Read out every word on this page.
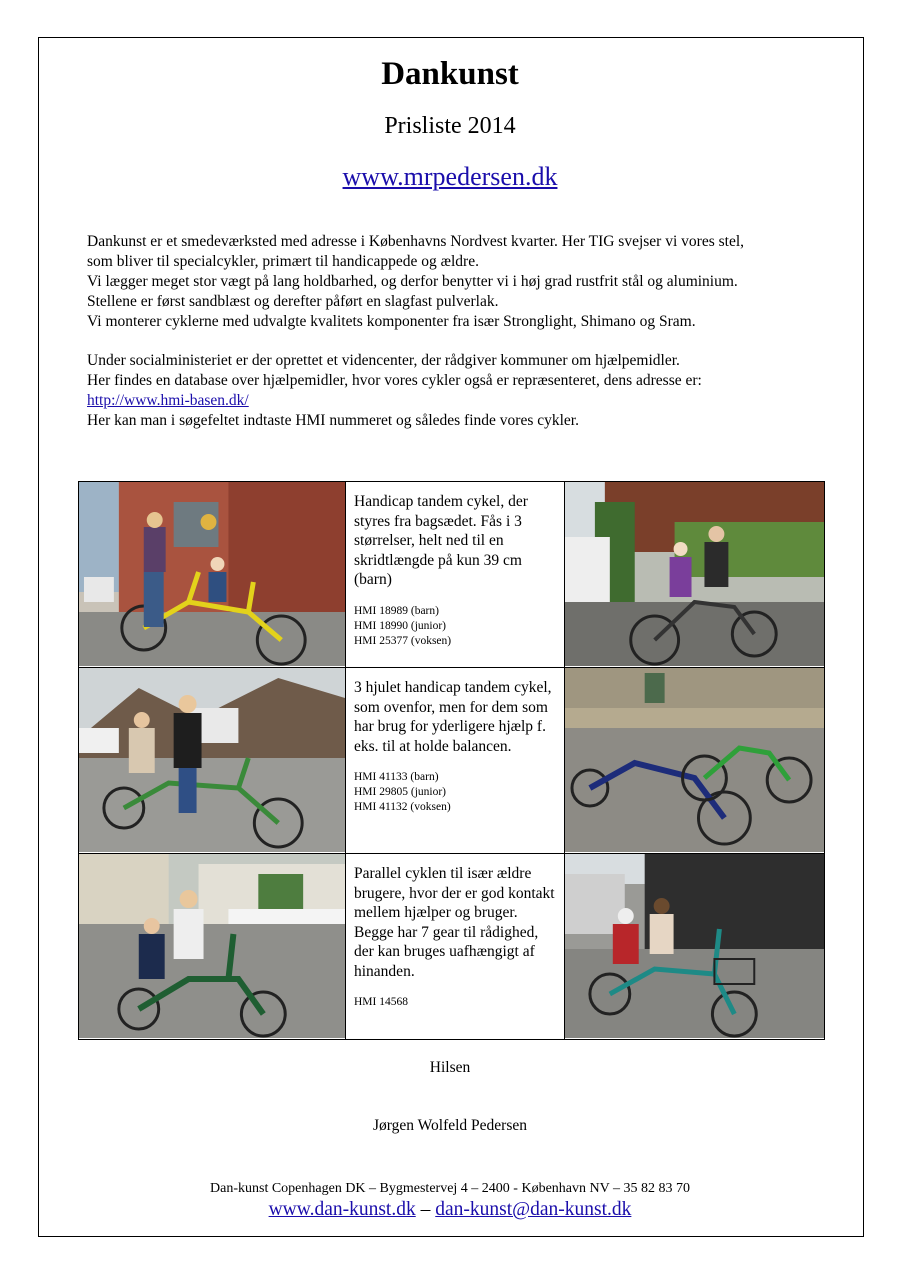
Dankunst
Prisliste 2014
www.mrpedersen.dk

Dankunst er et smedeværksted med adresse i Københavns Nordvest kvarter. Her TIG svejser vi vores stel,

som bliver til specialcykler, primært til handicappede og ældre.

Vi lægger meget stor vægt på lang holdbarhed, og derfor benytter vi i høj grad rustfrit stål og aluminium.

Stellene er først sandblæst og derefter påført en slagfast pulverlak.

Vi monterer cyklerne med udvalgte kvalitets komponenter fra især Stronglight, Shimano og Sram.

Under socialministeriet er der oprettet et videncenter, der rådgiver kommuner om hjælpemidler.

Her findes en database over hjælpemidler, hvor vores cykler også er repræsenteret, dens adresse er:

http://www.hmi-basen.dk/

Her kan man i søgefeltet indtaste HMI nummeret og således finde vores cykler.

Handicap tandem cykel, der styres fra bagsædet. Fås i 3 størrelser, helt ned til en skridtlængde på kun 39 cm (barn)
HMI 18989 (barn)
HMI 18990 (junior)
HMI 25377 (voksen)

3 hjulet handicap tandem cykel, som ovenfor, men for dem som har brug for yderligere hjælp f. eks. til at holde balancen.
HMI 41133 (barn)
HMI 29805 (junior)
HMI 41132 (voksen)

Parallel cyklen til især ældre brugere, hvor der er god kontakt mellem hjælper og bruger. Begge har 7 gear til rådighed, der kan bruges uafhængigt af hinanden.
HMI 14568

Hilsen
Jørgen Wolfeld Pedersen
Dan-kunst Copenhagen DK – Bygmestervej 4 – 2400 - København NV – 35 82 83 70
www.dan-kunst.dk – dan-kunst@dan-kunst.dk
